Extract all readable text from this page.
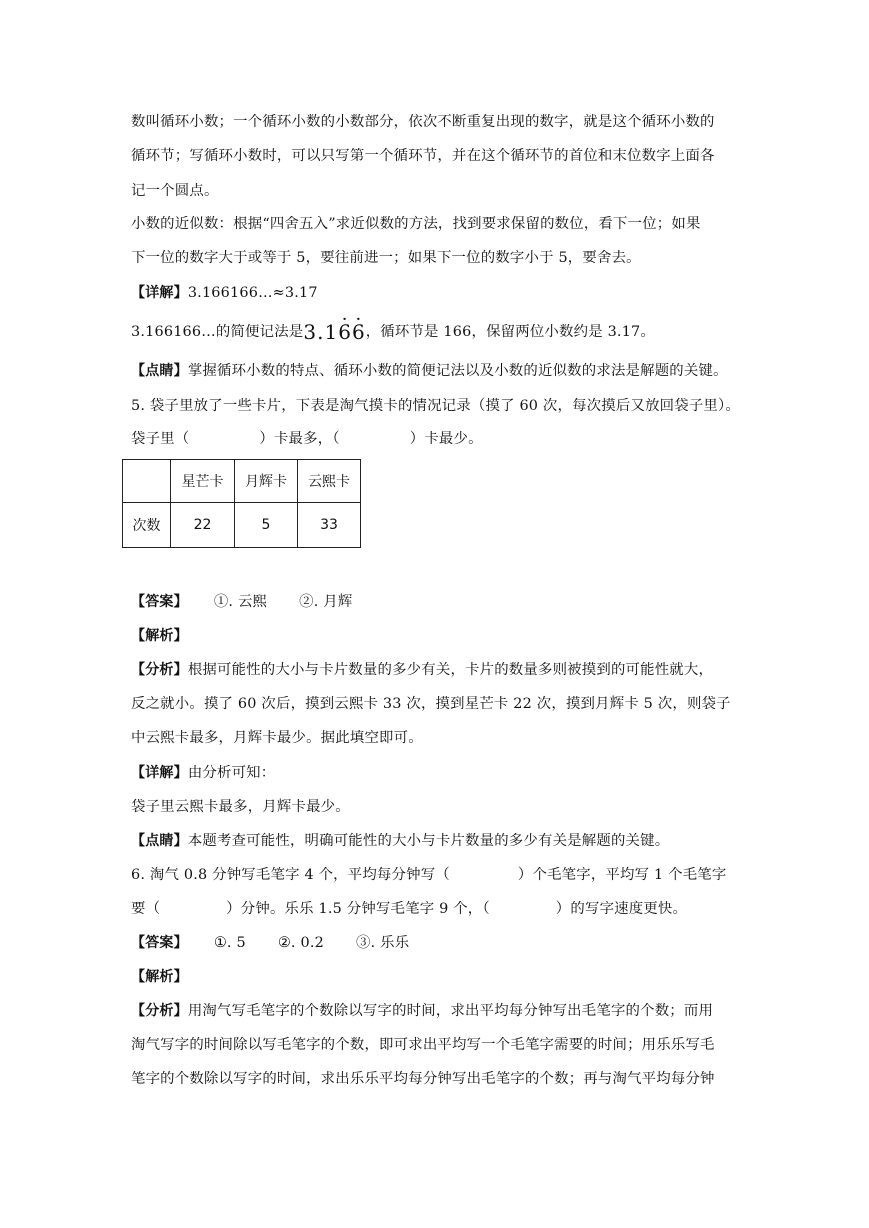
数叫循环小数；一个循环小数的小数部分，依次不断重复出现的数字，就是这个循环小数的
循环节；写循环小数时，可以只写第一个循环节，并在这个循环节的首位和末位数字上面各
记一个圆点。
小数的近似数：根据“四舍五入”求近似数的方法，找到要求保留的数位，看下一位；如果
下一位的数字大于或等于 5，要往前进一；如果下一位的数字小于 5，要舍去。
【详解】3.166166…≈3.17
3.166166…的简便记法是3.1· 6· 6，循环节是 166，保留两位小数约是 3.17。
【点睛】掌握循环小数的特点、循环小数的简便记法以及小数的近似数的求法是解题的关键。
5. 袋子里放了一些卡片，下表是淘气摸卡的情况记录（摸了 60 次，每次摸后又放回袋子里）。
袋子里（	）卡最多，（	）卡最少。
	星芒卡	月辉卡	云熙卡
次数	22	5	33
【答案】 ①. 云熙 ②. 月辉
【解析】
【分析】根据可能性的大小与卡片数量的多少有关，卡片的数量多则被摸到的可能性就大，
反之就小。摸了 60 次后，摸到云熙卡 33 次，摸到星芒卡 22 次，摸到月辉卡 5 次，则袋子
中云熙卡最多，月辉卡最少。据此填空即可。
【详解】由分析可知：
袋子里云熙卡最多，月辉卡最少。
【点睛】本题考查可能性，明确可能性的大小与卡片数量的多少有关是解题的关键。
6. 淘气 0.8 分钟写毛笔字 4 个，平均每分钟写（	）个毛笔字，平均写 1 个毛笔字
要（	）分钟。乐乐 1.5 分钟写毛笔字 9 个，（	）的写字速度更快。
【答案】 ①. 5 ②. 0.2 ③. 乐乐
【解析】
【分析】用淘气写毛笔字的个数除以写字的时间，求出平均每分钟写出毛笔字的个数；而用
淘气写字的时间除以写毛笔字的个数，即可求出平均写一个毛笔字需要的时间；用乐乐写毛
笔字的个数除以写字的时间，求出乐乐平均每分钟写出毛笔字的个数；再与淘气平均每分钟
